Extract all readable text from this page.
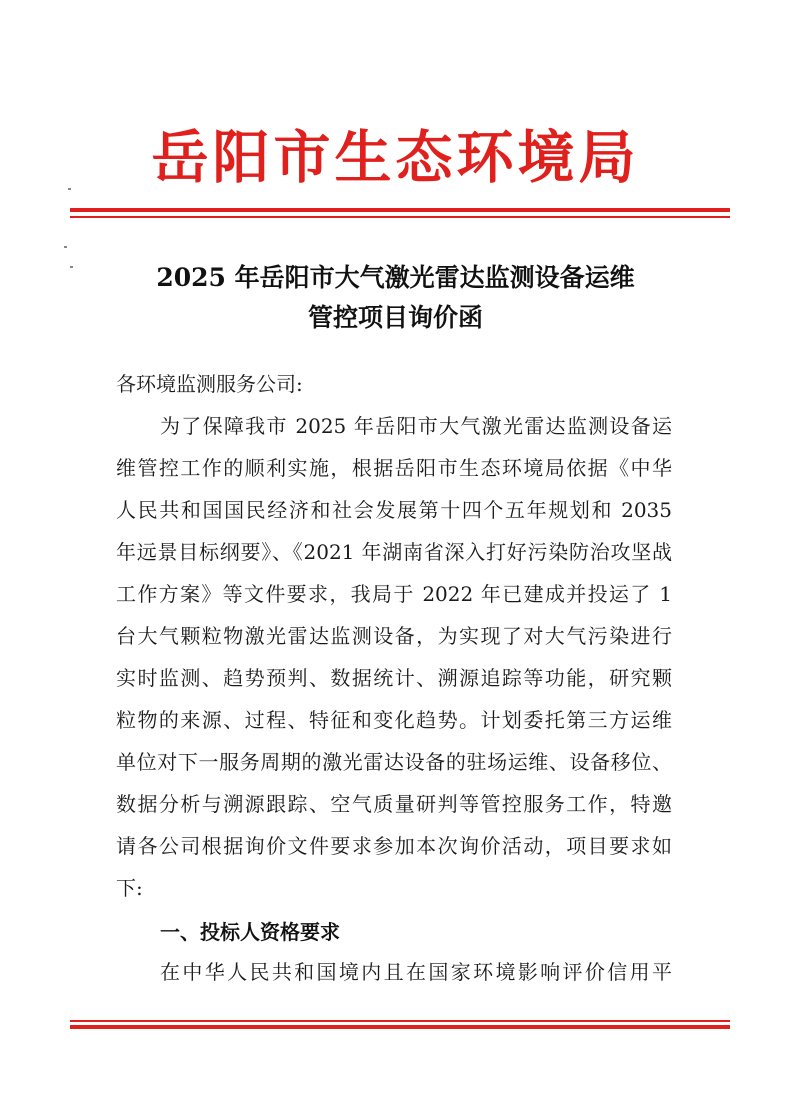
岳阳市生态环境局
2025 年岳阳市大气激光雷达监测设备运维
管控项目询价函
各环境监测服务公司:
为了保障我市 2025 年岳阳市大气激光雷达监测设备运
维管控工作的顺利实施，根据岳阳市生态环境局依据《中华
人民共和国国民经济和社会发展第十四个五年规划和 2035
年远景目标纲要》、《2021 年湖南省深入打好污染防治攻坚战
工作方案》等文件要求，我局于 2022 年已建成并投运了 1
台大气颗粒物激光雷达监测设备，为实现了对大气污染进行
实时监测、趋势预判、数据统计、溯源追踪等功能，研究颗
粒物的来源、过程、特征和变化趋势。计划委托第三方运维
单位对下一服务周期的激光雷达设备的驻场运维、设备移位、
数据分析与溯源跟踪、空气质量研判等管控服务工作，特邀
请各公司根据询价文件要求参加本次询价活动，项目要求如
下:
一、投标人资格要求
在中华人民共和国境内且在国家环境影响评价信用平
